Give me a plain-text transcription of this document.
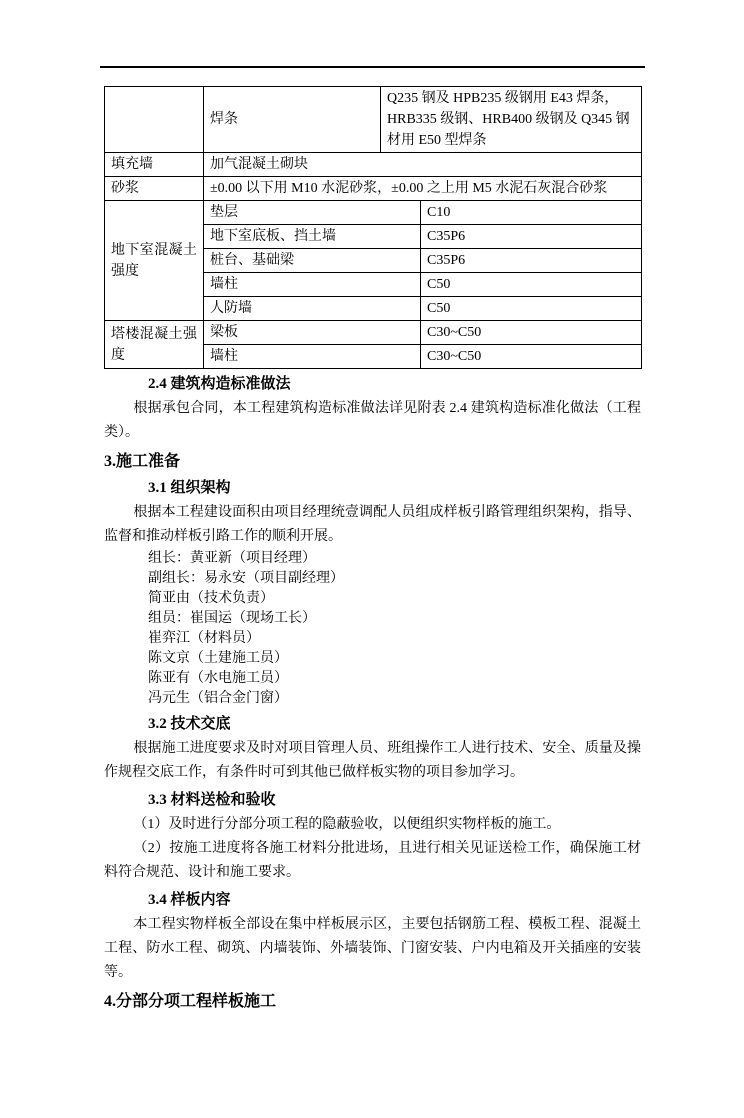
	焊条	Q235 钢及 HPB235 级钢用 E43 焊条，HRB335 级钢、HRB400 级钢及 Q345 钢材用 E50 型焊条	
填充墙	加气混凝土砌块		
砂浆	±0.00 以下用 M10 水泥砂浆，±0.00 之上用 M5 水泥石灰混合砂浆		
地下室混凝土强度	垫层		C10
	地下室底板、挡土墙		C35P6
	桩台、基础梁		C35P6
	墙柱		C50
	人防墙		C50
塔楼混凝土强度	梁板		C30~C50
	墙柱		C30~C50
2.4 建筑构造标准做法

根据承包合同，本工程建筑构造标准做法详见附表 2.4 建筑构造标准化做法（工程类）。

3.施工准备
3.1 组织架构

根据本工程建设面积由项目经理统壹调配人员组成样板引路管理组织架构，指导、监督和推动样板引路工作的顺利开展。

组长：黄亚新（项目经理）
副组长：易永安（项目副经理）
简亚由（技术负责）
组员：崔国运（现场工长）
崔弈江（材料员）
陈文京（土建施工员）
陈亚有（水电施工员）
冯元生（铝合金门窗）
3.2 技术交底

根据施工进度要求及时对项目管理人员、班组操作工人进行技术、安全、质量及操作规程交底工作，有条件时可到其他已做样板实物的项目参加学习。

3.3 材料送检和验收

（1）及时进行分部分项工程的隐蔽验收，以便组织实物样板的施工。

（2）按施工进度将各施工材料分批进场，且进行相关见证送检工作，确保施工材料符合规范、设计和施工要求。

3.4 样板内容

本工程实物样板全部设在集中样板展示区，主要包括钢筋工程、模板工程、混凝土工程、防水工程、砌筑、内墙装饰、外墙装饰、门窗安装、户内电箱及开关插座的安装等。

4.分部分项工程样板施工
